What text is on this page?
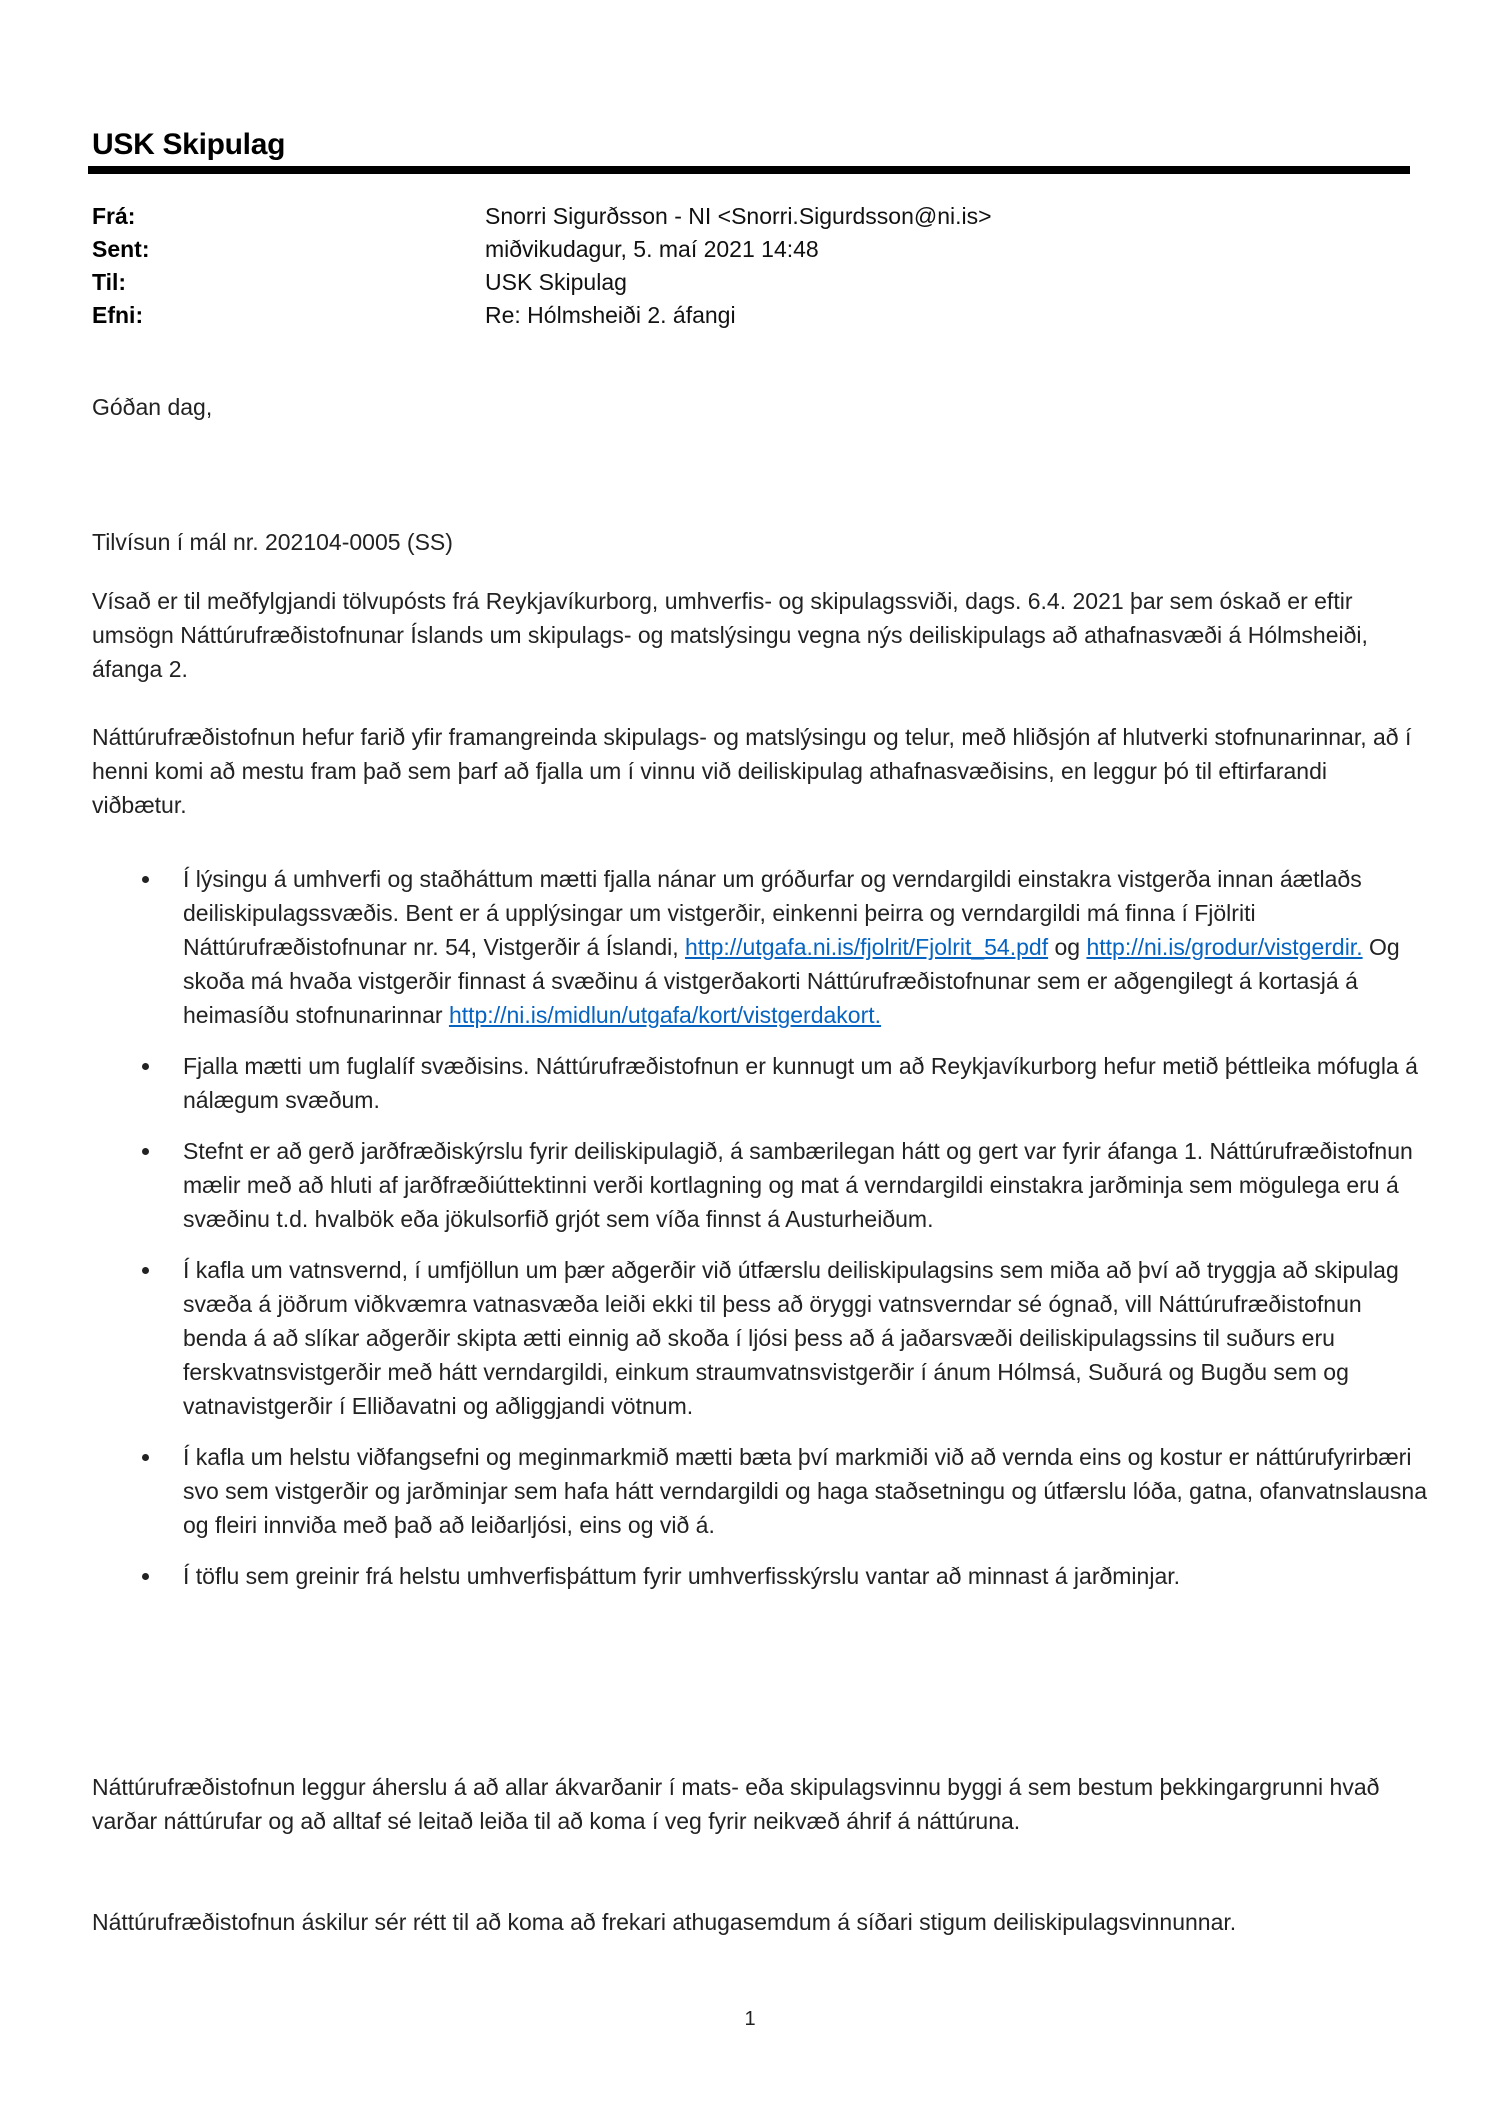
USK Skipulag
Frá:	Snorri Sigurðsson - NI <Snorri.Sigurdsson@ni.is>
Sent:	miðvikudagur, 5. maí 2021 14:48
Til:	USK Skipulag
Efni:	Re: Hólmsheiði 2. áfangi
Góðan dag,
Tilvísun í mál nr. 202104-0005 (SS)
Vísað er til meðfylgjandi tölvupósts frá Reykjavíkurborg, umhverfis- og skipulagssviði, dags. 6.4. 2021 þar sem óskað er eftir umsögn Náttúrufræðistofnunar Íslands um skipulags- og matslýsingu vegna nýs deiliskipulags að athafnasvæði á Hólmsheiði, áfanga 2.
Náttúrufræðistofnun hefur farið yfir framangreinda skipulags- og matslýsingu og telur, með hliðsjón af hlutverki stofnunarinnar, að í henni komi að mestu fram það sem þarf að fjalla um í vinnu við deiliskipulag athafnasvæðisins, en leggur þó til eftirfarandi viðbætur.
Í lýsingu á umhverfi og staðháttum mætti fjalla nánar um gróðurfar og verndargildi einstakra vistgerða innan áætlaðs deiliskipulagssvæðis. Bent er á upplýsingar um vistgerðir, einkenni þeirra og verndargildi má finna í Fjölriti Náttúrufræðistofnunar nr. 54, Vistgerðir á Íslandi, http://utgafa.ni.is/fjolrit/Fjolrit_54.pdf og http://ni.is/grodur/vistgerdir. Og skoða má hvaða vistgerðir finnast á svæðinu á vistgerðakorti Náttúrufræðistofnunar sem er aðgengilegt á kortasjá á heimasíðu stofnunarinnar http://ni.is/midlun/utgafa/kort/vistgerdakort.
Fjalla mætti um fuglalíf svæðisins. Náttúrufræðistofnun er kunnugt um að Reykjavíkurborg hefur metið þéttleika mófugla á nálægum svæðum.
Stefnt er að gerð jarðfræðiskýrslu fyrir deiliskipulagið, á sambærilegan hátt og gert var fyrir áfanga 1. Náttúrufræðistofnun mælir með að hluti af jarðfræðiúttektinni verði kortlagning og mat á verndargildi einstakra jarðminja sem mögulega eru á svæðinu t.d. hvalbök eða jökulsorfið grjót sem víða finnst á Austurheiðum.
Í kafla um vatnsvernd, í umfjöllun um þær aðgerðir við útfærslu deiliskipulagsins sem miða að því að tryggja að skipulag svæða á jöðrum viðkvæmra vatnasvæða leiði ekki til þess að öryggi vatnsverndar sé ógnað, vill Náttúrufræðistofnun benda á að slíkar aðgerðir skipta ætti einnig að skoða í ljósi þess að á jaðarsvæði deiliskipulagssins til suðurs eru ferskvatnsvistgerðir með hátt verndargildi, einkum straumvatnsvistgerðir í ánum Hólmsá, Suðurá og Bugðu sem og vatnavistgerðir í Elliðavatni og aðliggjandi vötnum.
Í kafla um helstu viðfangsefni og meginmarkmið mætti bæta því markmiði við að vernda eins og kostur er náttúrufyrirbæri svo sem vistgerðir og jarðminjar sem hafa hátt verndargildi og haga staðsetningu og útfærslu lóða, gatna, ofanvatnslausna og fleiri innviða með það að leiðarljósi, eins og við á.
Í töflu sem greinir frá helstu umhverfisþáttum fyrir umhverfisskýrslu vantar að minnast á jarðminjar.
Náttúrufræðistofnun leggur áherslu á að allar ákvarðanir í mats- eða skipulagsvinnu byggi á sem bestum þekkingargrunni hvað varðar náttúrufar og að alltaf sé leitað leiða til að koma í veg fyrir neikvæð áhrif á náttúruna.
Náttúrufræðistofnun áskilur sér rétt til að koma að frekari athugasemdum á síðari stigum deiliskipulagsvinnunnar.
1
